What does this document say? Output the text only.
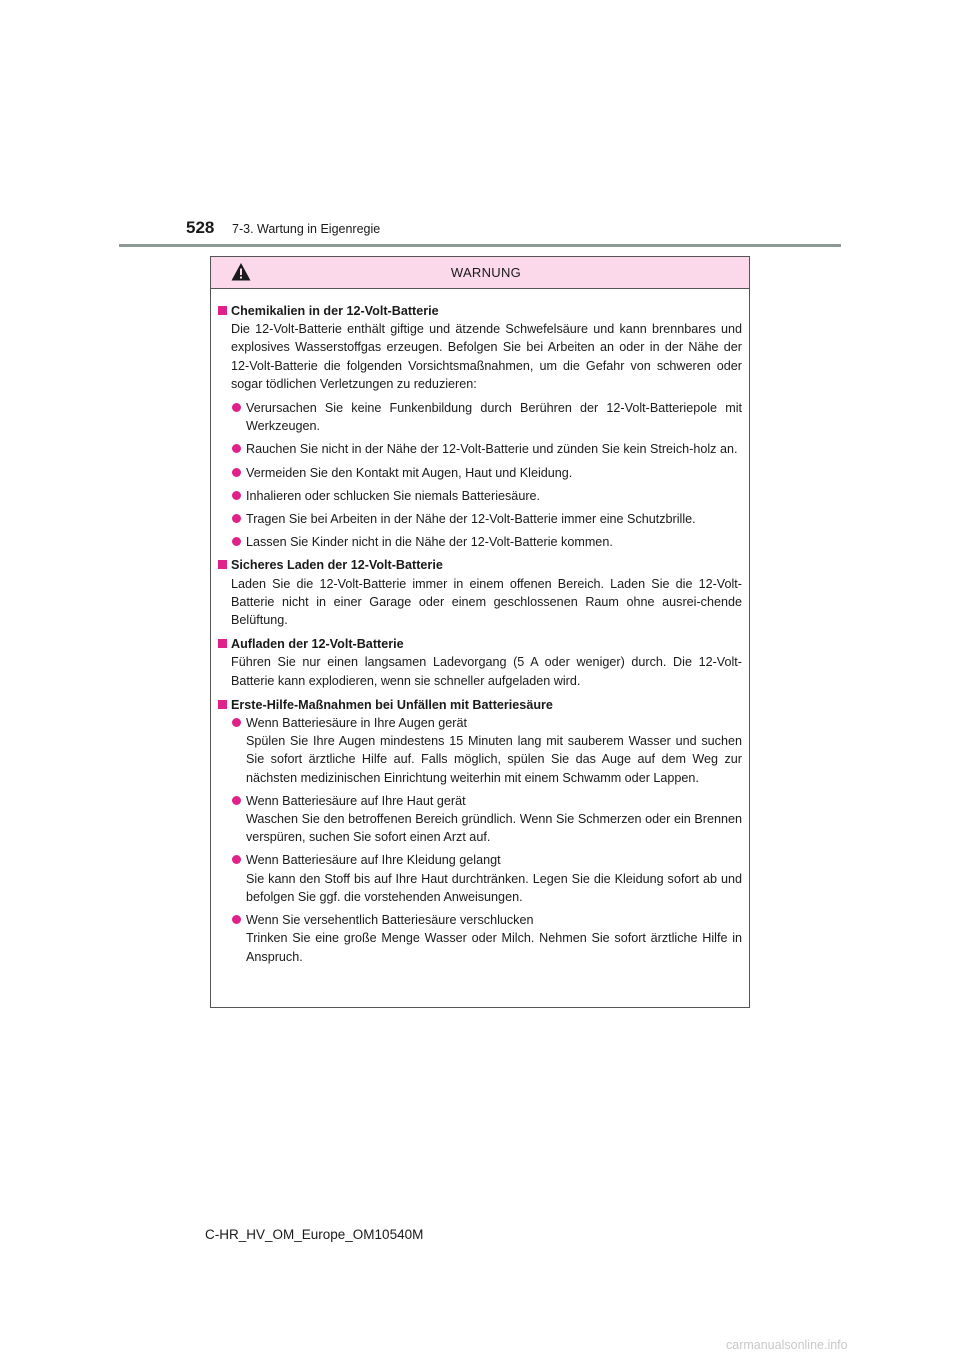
528 7-3. Wartung in Eigenregie
WARNUNG
Chemikalien in der 12-Volt-Batterie
Die 12-Volt-Batterie enthält giftige und ätzende Schwefelsäure und kann brennbares und explosives Wasserstoffgas erzeugen. Befolgen Sie bei Arbeiten an oder in der Nähe der 12-Volt-Batterie die folgenden Vorsichtsmaßnahmen, um die Gefahr von schweren oder sogar tödlichen Verletzungen zu reduzieren:
Verursachen Sie keine Funkenbildung durch Berühren der 12-Volt-Batteriepole mit Werkzeugen.
Rauchen Sie nicht in der Nähe der 12-Volt-Batterie und zünden Sie kein Streich-holz an.
Vermeiden Sie den Kontakt mit Augen, Haut und Kleidung.
Inhalieren oder schlucken Sie niemals Batteriesäure.
Tragen Sie bei Arbeiten in der Nähe der 12-Volt-Batterie immer eine Schutzbrille.
Lassen Sie Kinder nicht in die Nähe der 12-Volt-Batterie kommen.
Sicheres Laden der 12-Volt-Batterie
Laden Sie die 12-Volt-Batterie immer in einem offenen Bereich. Laden Sie die 12-Volt-Batterie nicht in einer Garage oder einem geschlossenen Raum ohne ausrei-chende Belüftung.
Aufladen der 12-Volt-Batterie
Führen Sie nur einen langsamen Ladevorgang (5 A oder weniger) durch. Die 12-Volt-Batterie kann explodieren, wenn sie schneller aufgeladen wird.
Erste-Hilfe-Maßnahmen bei Unfällen mit Batteriesäure
Wenn Batteriesäure in Ihre Augen gerät
Spülen Sie Ihre Augen mindestens 15 Minuten lang mit sauberem Wasser und suchen Sie sofort ärztliche Hilfe auf. Falls möglich, spülen Sie das Auge auf dem Weg zur nächsten medizinischen Einrichtung weiterhin mit einem Schwamm oder Lappen.
Wenn Batteriesäure auf Ihre Haut gerät
Waschen Sie den betroffenen Bereich gründlich. Wenn Sie Schmerzen oder ein Brennen verspüren, suchen Sie sofort einen Arzt auf.
Wenn Batteriesäure auf Ihre Kleidung gelangt
Sie kann den Stoff bis auf Ihre Haut durchtränken. Legen Sie die Kleidung sofort ab und befolgen Sie ggf. die vorstehenden Anweisungen.
Wenn Sie versehentlich Batteriesäure verschlucken
Trinken Sie eine große Menge Wasser oder Milch. Nehmen Sie sofort ärztliche Hilfe in Anspruch.
C-HR_HV_OM_Europe_OM10540M
carmanualsonline.info
